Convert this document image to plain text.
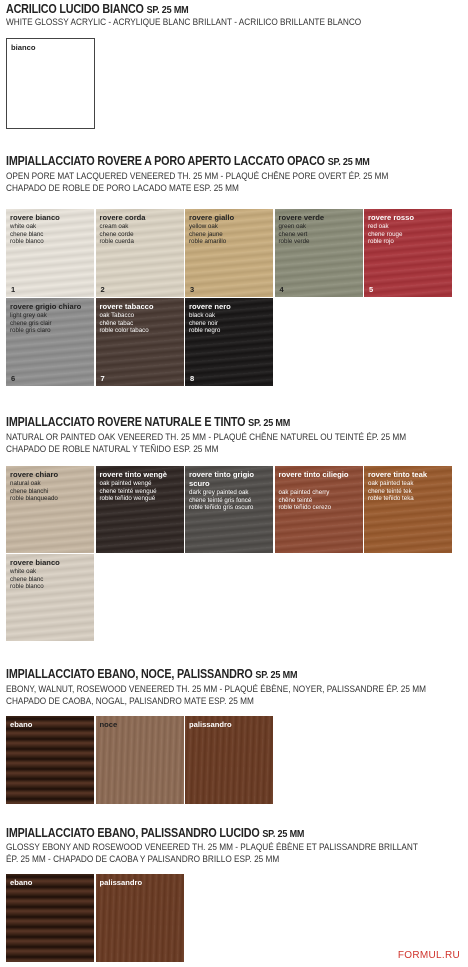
ACRILICO LUCIDO BIANCO SP. 25 MM
WHITE GLOSSY ACRYLIC - ACRYLIQUE BLANC BRILLANT - ACRILICO BRILLANTE BLANCO
bianco
IMPIALLACCIATO ROVERE A PORO APERTO LACCATO OPACO SP. 25 MM
OPEN PORE MAT LACQUERED VENEERED TH. 25 MM - PLAQUÉ CHÊNE PORE OVERT ÉP. 25 MM
CHAPADO DE ROBLE DE PORO LACADO MATE ESP. 25 MM
rovere bianco
white oak
chene blanc
roble blanco
1
rovere corda
cream oak
chene corde
roble cuerda
2
rovere giallo
yellow oak
chene jaune
roble amarillo
3
rovere verde
green oak
chene vert
roble verde
4
rovere rosso
red oak
chene rouge
roble rojo
5
rovere grigio chiaro
light grey oak
chene gris clair
roble gris claro
6
rovere tabacco
oak Tabacco
chêne tabac
roble color tabaco
7
rovere nero
black oak
chene noir
roble negro
8
IMPIALLACCIATO ROVERE NATURALE E TINTO SP. 25 MM
NATURAL OR PAINTED OAK VENEERED TH. 25 MM - PLAQUÉ CHÊNE NATUREL OU TEINTÉ ÉP. 25 MM
CHAPADO DE ROBLE NATURAL Y TEÑIDO ESP. 25 MM
rovere chiaro
natural oak
chene blanchi
roble blanqueado
rovere tinto wengè
oak painted wengé
chene teinté wengué
roble teñido wengué
rovere tinto grigio scuro
dark grey painted oak
chene teinté gris foncé
roble teñido gris oscuro
rovere tinto ciliegio
oak painted cherry
chêne teinté
roble teñido cerezo
rovere tinto teak
oak painted teak
chene teinté tek
roble teñido teka
rovere bianco
white oak
chene blanc
roble blanco
IMPIALLACCIATO EBANO, NOCE, PALISSANDRO SP. 25 MM
EBONY, WALNUT, ROSEWOOD VENEERED TH. 25 MM - PLAQUÉ ÉBÈNE, NOYER, PALISSANDRE ÉP. 25 MM
CHAPADO DE CAOBA, NOGAL, PALISANDRO MATE ESP. 25 MM
ebano	noce	palissandro
IMPIALLACCIATO EBANO, PALISSANDRO LUCIDO SP. 25 MM
GLOSSY EBONY AND ROSEWOOD VENEERED TH. 25 MM - PLAQUÉ ÉBÈNE ET PALISSANDRE BRILLANT
ÉP. 25 MM - CHAPADO DE CAOBA Y PALISANDRO BRILLO ESP. 25 MM
ebano	palissandro
FORMUL.RU
